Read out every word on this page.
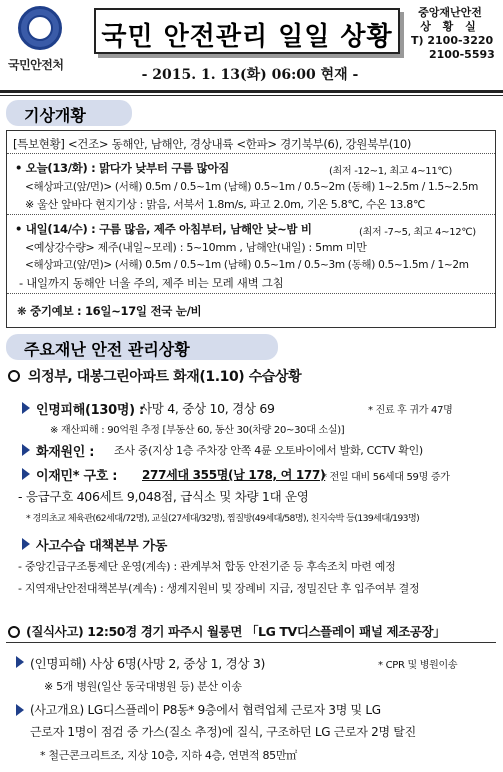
국민안전처
국민 안전관리 일일 상황
- 2015. 1. 13(화) 06:00 현재 -
중앙재난안전
상 황 실
T) 2100-3220
2100-5593
기상개황
[특보현황] <건조> 동해안, 남해안, 경상내륙 <한파> 경기북부(6), 강원북부(10)
• 오늘(13/화) : 맑다가 낮부터 구름 많아짐	(최저 -12~1, 최고 4~11℃)
<해상파고(앞/먼)> (서해) 0.5m / 0.5~1m (남해) 0.5~1m / 0.5~2m (동해) 1~2.5m / 1.5~2.5m
※ 울산 앞바다 현지기상 : 맑음, 서북서 1.8m/s, 파고 2.0m, 기온 5.8℃, 수온 13.8℃
• 내일(14/수) : 구름 많음, 제주 아침부터, 남해안 낮~밤 비	(최저 -7~5, 최고 4~12℃)
<예상강수량> 제주(내일~모레) : 5~10mm , 남해안(내일) : 5mm 미만
<해상파고(앞/먼)> (서해) 0.5m / 0.5~1m (남해) 0.5~1m / 0.5~3m (동해) 0.5~1.5m / 1~2m
- 내일까지 동해안 너울 주의, 제주 비는 모레 새벽 그침
❋ 중기예보 : 16일~17일 전국 눈/비
주요재난 안전 관리상황
의정부, 대봉그린아파트 화재(1.10) 수습상황
인명피해(130명) :
사망 4, 중상 10, 경상 69	* 진료 후 귀가 47명
※ 재산피해 : 90억원 추정 [부동산 60, 동산 30(차량 20~30대 소실)]
화재원인 : 조사 중(지상 1층 주차장 안쪽 4륜 오토바이에서 발화, CCTV 확인)
이재민* 구호 : 277세대 355명(남 178, 여 177)
* 전일 대비 56세대 59명 증가
- 응급구호 406세트 9,048점, 급식소 및 차량 1대 운영
* 경의초교 체육관(62세대/72명), 교실(27세대/32명), 찜질방(49세대/58명), 친지숙박 등(139세대/193명)
사고수습 대책본부 가동
- 중앙긴급구조통제단 운영(계속) : 관계부처 합동 안전기준 등 후속조치 마련 예정
- 지역재난안전대책본부(계속) : 생계지원비 및 장례비 지급, 정밀진단 후 입주여부 결정
(질식사고) 12:50경 경기 파주시 월롱면 「LG TV디스플레이 패널 제조공장」
(인명피해) 사상 6명(사망 2, 중상 1, 경상 3)	* CPR 및 병원이송
※ 5개 병원(일산 동국대병원 등) 분산 이송
(사고개요) LG디스플레이 P8동* 9층에서 협력업체 근로자 3명 및 LG
근로자 1명이 점검 중 가스(질소 추정)에 질식, 구조하던 LG 근로자 2명 탈진
* 철근콘크리트조, 지상 10층, 지하 4층, 연면적 85만㎡
